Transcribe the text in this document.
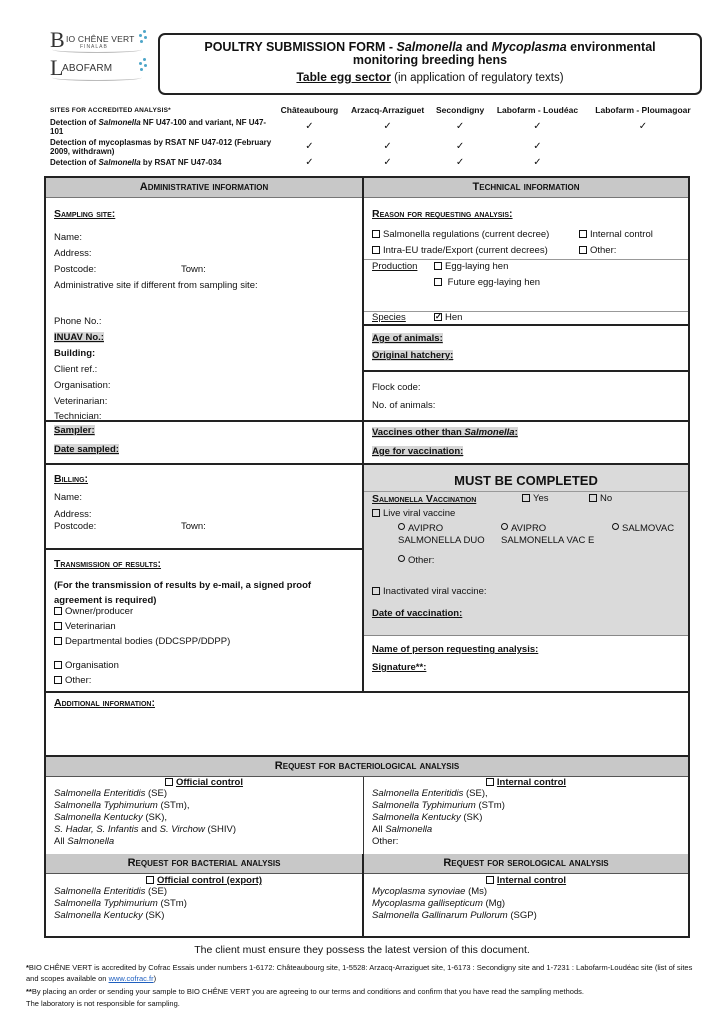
B IO CHÊNE VERT
FINALAB
L
ABOFARM
POULTRY SUBMISSION FORM - Salmonella and Mycoplasma environmental monitoring breeding hens
Table egg sector (in application of regulatory texts)
SITES FOR ACCREDITED ANALYSIS*	Châteaubourg	Arzacq-Arraziguet	Secondigny	Labofarm - Loudéac	Labofarm - Ploumagoar
Detection of Salmonella NF U47-100 and variant, NF U47-101	✓	✓	✓	✓	✓
Detection of mycoplasmas by RSAT NF U47-012 (February 2009, withdrawn)	✓	✓	✓	✓	
Detection of Salmonella by RSAT NF U47-034	✓	✓	✓	✓	
Administrative information
Sampling site:
Name:
Address:
Postcode:	Town:
Administrative site if different from sampling site:
Phone No.:
INUAV No.:
Building:
Client ref.:
Organisation:
Veterinarian:
Technician:
Sampler:
Date sampled:
Billing:
Name:
Address:
Postcode:	Town:
Transmission of results:
(For the transmission of results by e-mail, a signed proof agreement is required)
Owner/producer
Veterinarian
Departmental bodies (DDCSPP/DDPP)
Organisation
Other:
Technical information
Reason for requesting analysis:
Salmonella regulations (current decree)	Internal control
Intra-EU trade/Export (current decrees)	Other:
Production	Egg-laying hen
Future egg-laying hen
Species ✓	Hen
Age of animals:
Original hatchery:
Flock code:
No. of animals:
Vaccines other than Salmonella:
Age for vaccination:
MUST BE COMPLETED
Salmonella Vaccination	Yes	No
Live viral vaccine
AVIPRO
SALMONELLA DUO
AVIPRO
SALMONELLA VAC E
SALMOVAC
Other:
Inactivated viral vaccine:
Date of vaccination:
Name of person requesting analysis:
Signature**:
Additional information:
Request for bacteriological analysis
Official control
Salmonella Enteritidis (SE)
Salmonella Typhimurium (STm),
Salmonella Kentucky (SK),
S. Hadar, S. Infantis and S. Virchow (SHIV)
All Salmonella
Internal control
Salmonella Enteritidis (SE),
Salmonella Typhimurium (STm)
Salmonella Kentucky (SK)
All Salmonella
Other:
Request for bacterial analysis
Official control (export)
Salmonella Enteritidis (SE)
Salmonella Typhimurium (STm)
Salmonella Kentucky (SK)
Request for serological analysis
Internal control
Mycoplasma synoviae (Ms)
Mycoplasma gallisepticum (Mg)
Salmonella Gallinarum Pullorum (SGP)
The client must ensure they possess the latest version of this document.
*BIO CHÊNE VERT is accredited by Cofrac Essais under numbers 1-6172: Châteaubourg site, 1-5528: Arzacq-Arraziguet site, 1-6173 : Secondigny site and 1-7231 : Labofarm-Loudéac site (list of sites and scopes available on www.cofrac.fr)
**By placing an order or sending your sample to BIO CHÊNE VERT you are agreeing to our terms and conditions and confirm that you have read the sampling methods.
The laboratory is not responsible for sampling.
